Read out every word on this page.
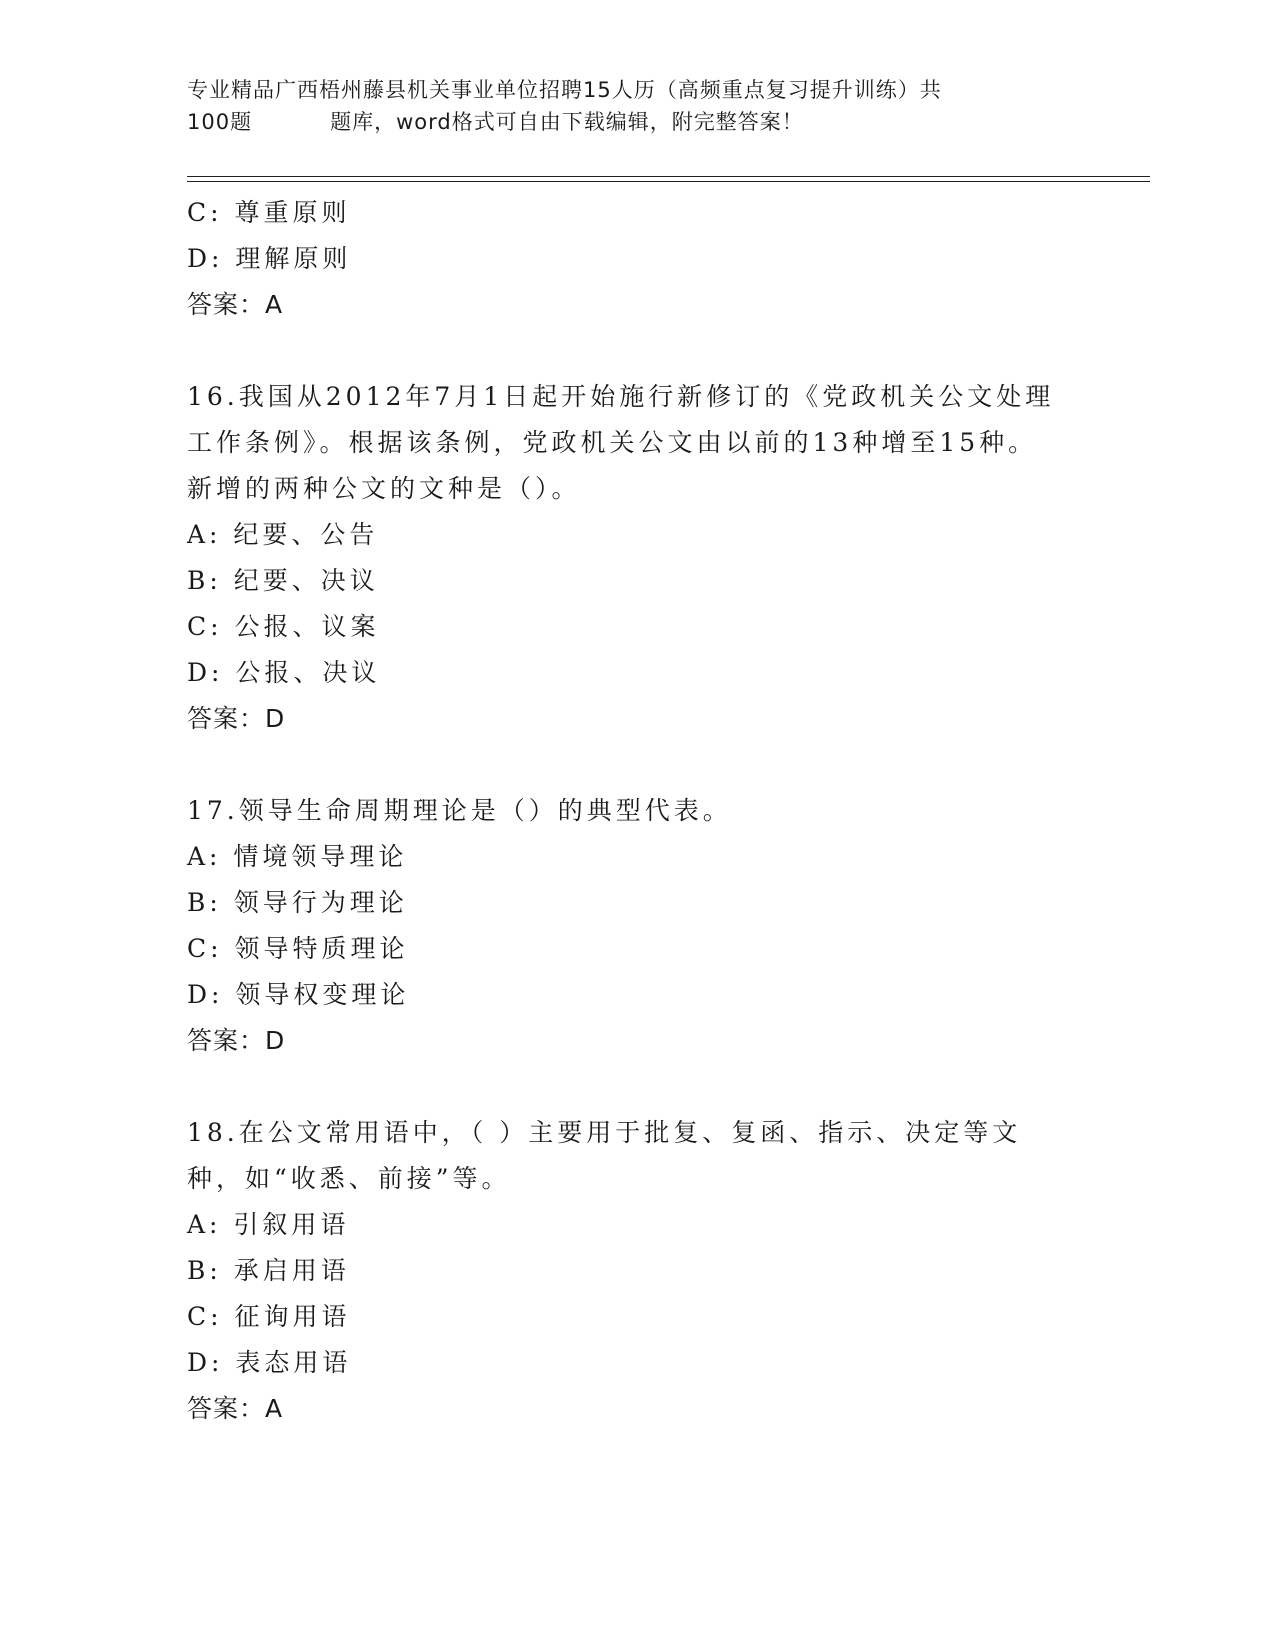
专业精品广西梧州藤县机关事业单位招聘15人历（高频重点复习提升训练）共
100题	题库，word格式可自由下载编辑，附完整答案！
C: 尊重原则
D: 理解原则
答案：A
16.我国从2012年7月1日起开始施行新修订的《党政机关公文处理
工作条例》。根据该条例，党政机关公文由以前的13种增至15种。
新增的两种公文的文种是（）。
A: 纪要、公告
B: 纪要、决议
C: 公报、议案
D: 公报、决议
答案：D
17.领导生命周期理论是（）的典型代表。
A: 情境领导理论
B: 领导行为理论
C: 领导特质理论
D: 领导权变理论
答案：D
18.在公文常用语中，（ ）主要用于批复、复函、指示、决定等文
种，如“收悉、前接”等。
A: 引叙用语
B: 承启用语
C: 征询用语
D: 表态用语
答案：A
